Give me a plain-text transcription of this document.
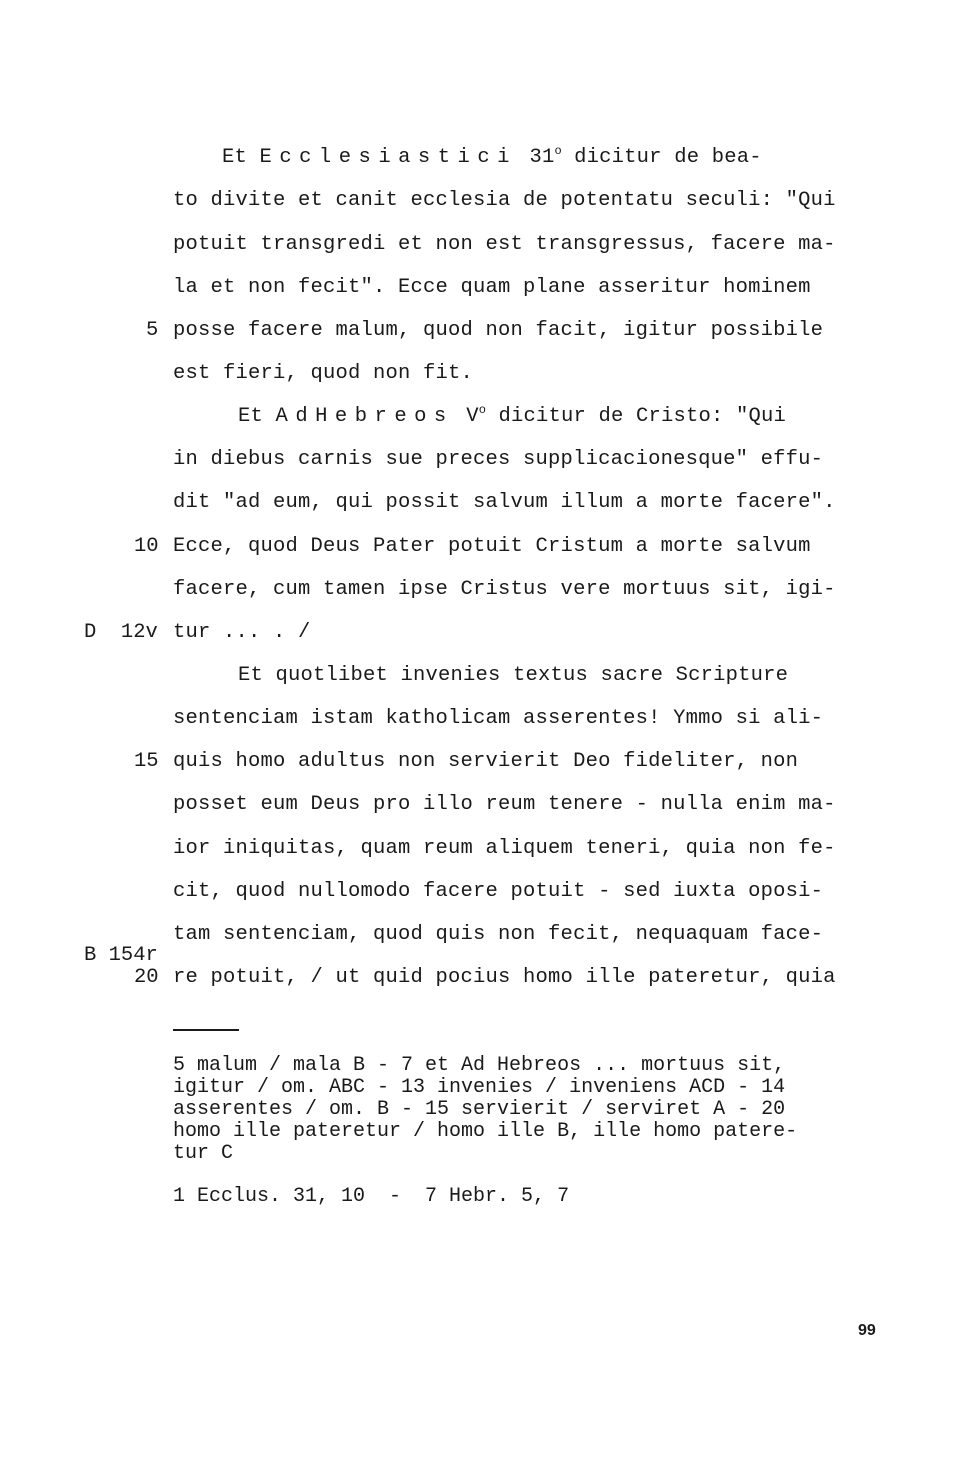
Et Ecclesiastici 31$^o$ dicitur de bea-
to divite et canit ecclesia de potentatu seculi: "Qui
potuit transgredi et non est transgressus, facere ma-
la et non fecit". Ecce quam plane asseritur hominem
posse facere malum, quod non facit, igitur possibile
est fieri, quod non fit.
Et AdHebreos $V^o$ dicitur de Cristo: "Qui
in diebus carnis sue preces supplicacionesque" effu-
dit "ad eum, qui possit salvum illum a morte facere".
Ecce, quod Deus Pater potuit Cristum a morte salvum
facere, cum tamen ipse Cristus vere mortuus sit, igi-
tur ... . /
Et quotlibet invenies textus sacre Scripture
sentenciam istam katholicam asserentes! Ymmo si ali-
quis homo adultus non servierit Deo fideliter, non
posset eum Deus pro illo reum tenere - nulla enim ma-
ior iniquitas, quam reum aliquem teneri, quia non fe-
cit, quod nullomodo facere potuit - sed iuxta oposi-
tam sentenciam, quod quis non fecit, nequaquam face-
re potuit, / ut quid pocius homo ille pateretur, quia
5
10
D  12v
15
B 154r
20
5 malum / mala B - 7 et Ad Hebreos ... mortuus sit,
igitur / om. ABC - 13 invenies / inveniens ACD - 14
asserentes / om. B - 15 servierit / serviret A - 20
homo ille pateretur / homo ille B, ille homo patere-
tur C
1 Ecclus. 31, 10  -  7 Hebr. 5, 7
99
